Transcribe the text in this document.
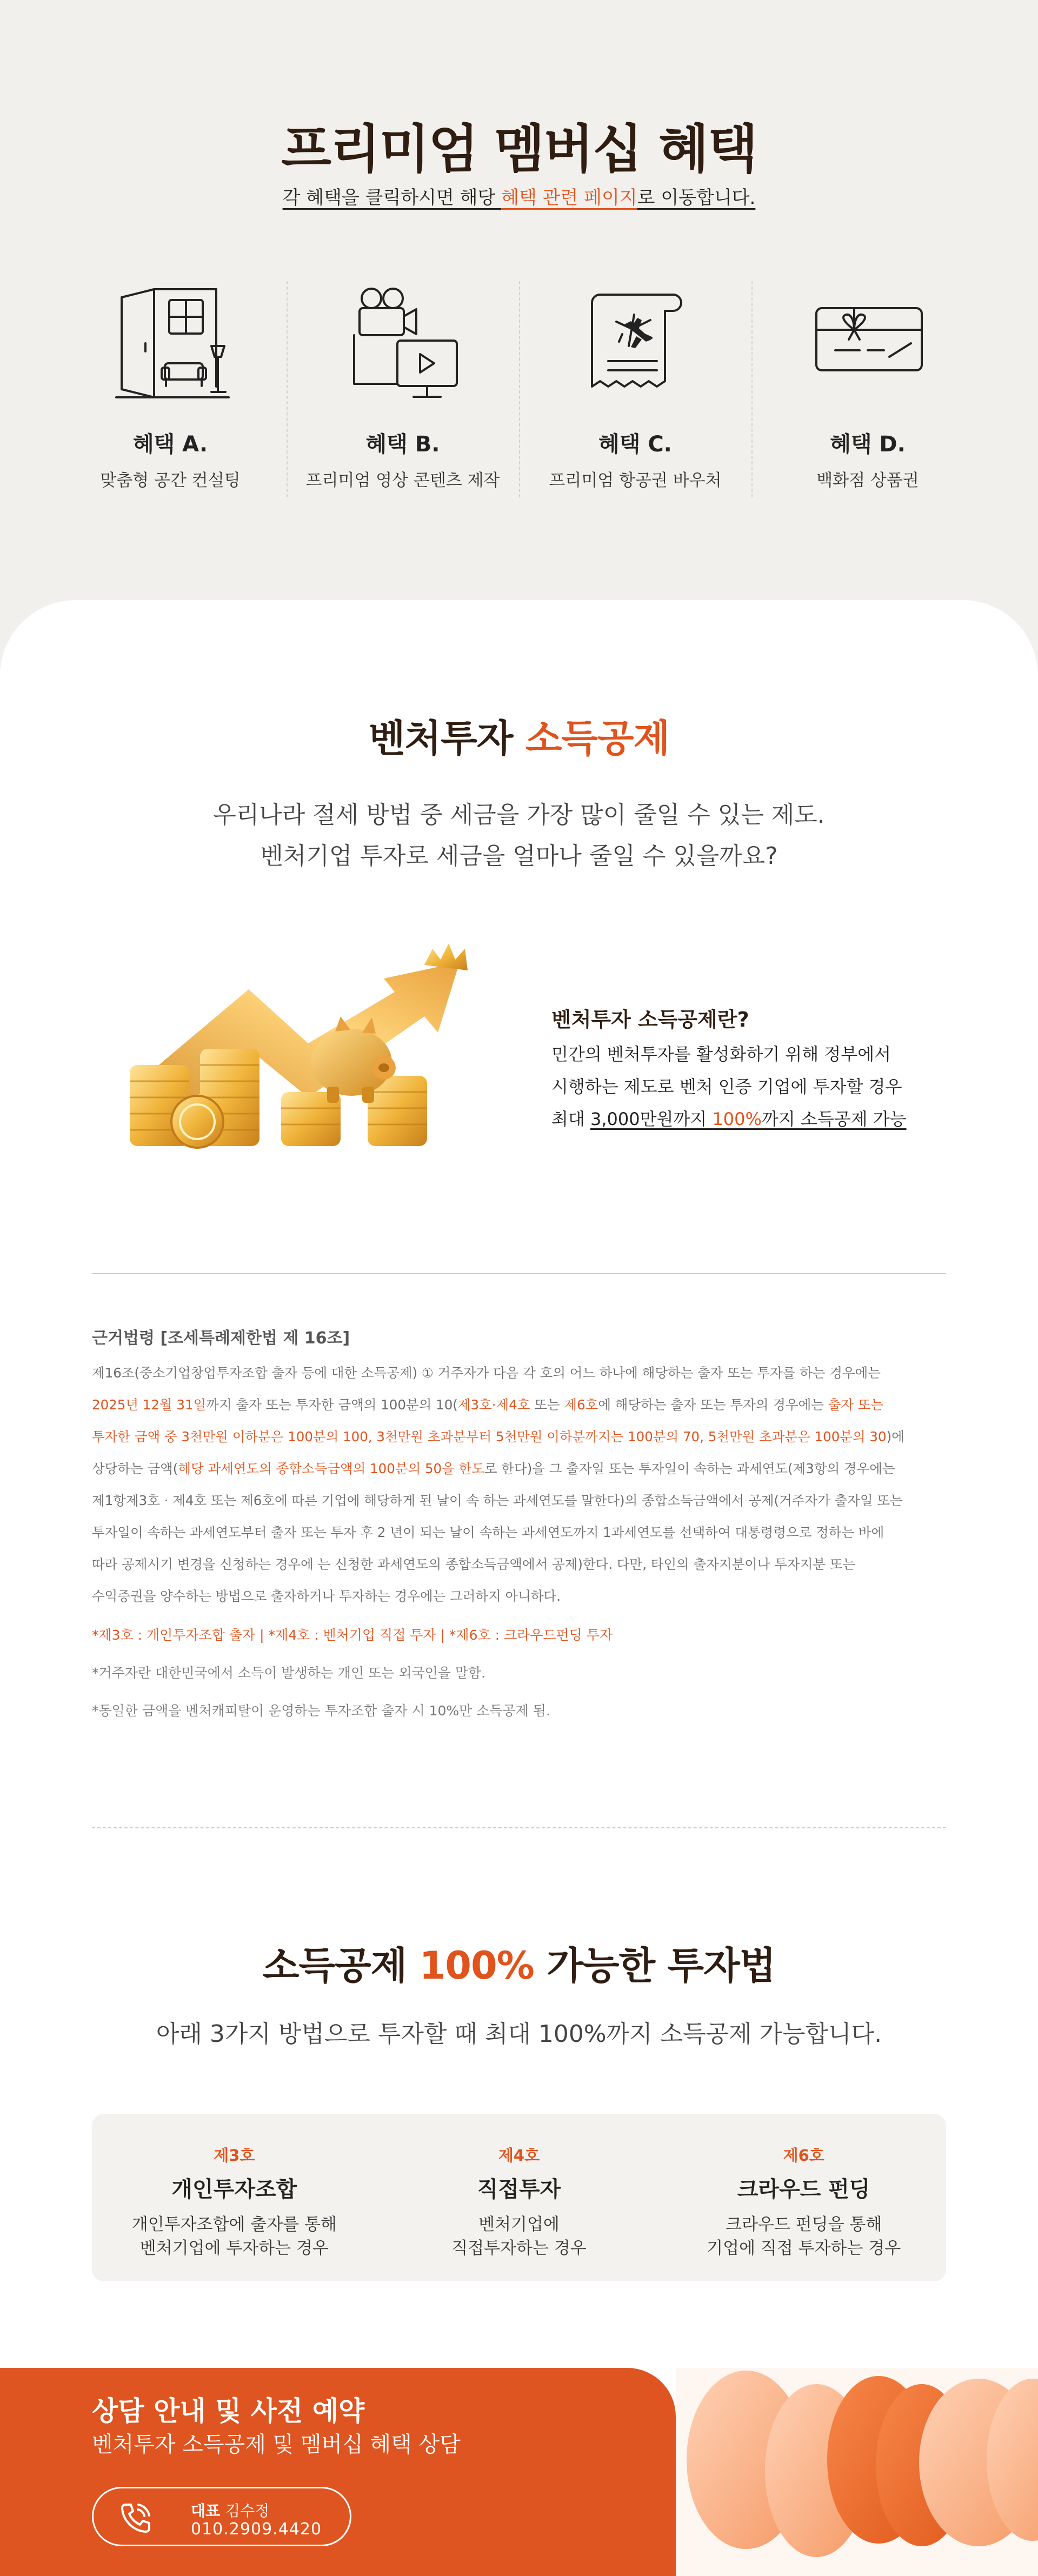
프리미엄 멤버십 혜택

각 혜택을 클릭하시면 해당 혜택 관련 페이지로 이동합니다.

혜택 A.
맞춤형 공간 컨설팅
혜택 B.
프리미엄 영상 콘텐츠 제작
혜택 C.
프리미엄 항공권 바우처
혜택 D.
백화점 상품권
벤처투자 소득공제

우리나라 절세 방법 중 세금을 가장 많이 줄일 수 있는 제도.

벤처기업 투자로 세금을 얼마나 줄일 수 있을까요?

벤처투자 소득공제란?
민간의 벤처투자를 활성화하기 위해 정부에서
시행하는 제도로 벤처 인증 기업에 투자할 경우
최대 3,000만원까지 100%까지 소득공제 가능
근거법령 [조세특례제한법 제 16조]

제16조(중소기업창업투자조합 출자 등에 대한 소득공제) ① 거주자가 다음 각 호의 어느 하나에 해당하는 출자 또는 투자를 하는 경우에는

2025년 12월 31일까지 출자 또는 투자한 금액의 100분의 10(제3호·제4호 또는 제6호에 해당하는 출자 또는 투자의 경우에는 출자 또는

투자한 금액 중 3천만원 이하분은 100분의 100, 3천만원 초과분부터 5천만원 이하분까지는 100분의 70, 5천만원 초과분은 100분의 30)에

상당하는 금액(해당 과세연도의 종합소득금액의 100분의 50을 한도로 한다)을 그 출자일 또는 투자일이 속하는 과세연도(제3항의 경우에는

제1항제3호 · 제4호 또는 제6호에 따른 기업에 해당하게 된 날이 속 하는 과세연도를 말한다)의 종합소득금액에서 공제(거주자가 출자일 또는

투자일이 속하는 과세연도부터 출자 또는 투자 후 2 년이 되는 날이 속하는 과세연도까지 1과세연도를 선택하여 대통령령으로 정하는 바에

따라 공제시기 변경을 신청하는 경우에 는 신청한 과세연도의 종합소득금액에서 공제)한다. 다만, 타인의 출자지분이나 투자지분 또는

수익증권을 양수하는 방법으로 출자하거나 투자하는 경우에는 그러하지 아니하다.

*제3호 : 개인투자조합 출자 | *제4호 : 벤처기업 직접 투자 | *제6호 : 크라우드펀딩 투자

*거주자란 대한민국에서 소득이 발생하는 개인 또는 외국인을 말함.

*동일한 금액을 벤처캐피탈이 운영하는 투자조합 출자 시 10%만 소득공제 됨.

소득공제 100% 가능한 투자법

아래 3가지 방법으로 투자할 때 최대 100%까지 소득공제 가능합니다.

제3호
개인투자조합
개인투자조합에 출자를 통해
벤처기업에 투자하는 경우
제4호
직접투자
벤처기업에
직접투자하는 경우
제6호
크라우드 펀딩
크라우드 펀딩을 통해
기업에 직접 투자하는 경우
상담 안내 및 사전 예약
벤처투자 소득공제 및 멤버십 혜택 상담
대표 김수정
010.2909.4420
